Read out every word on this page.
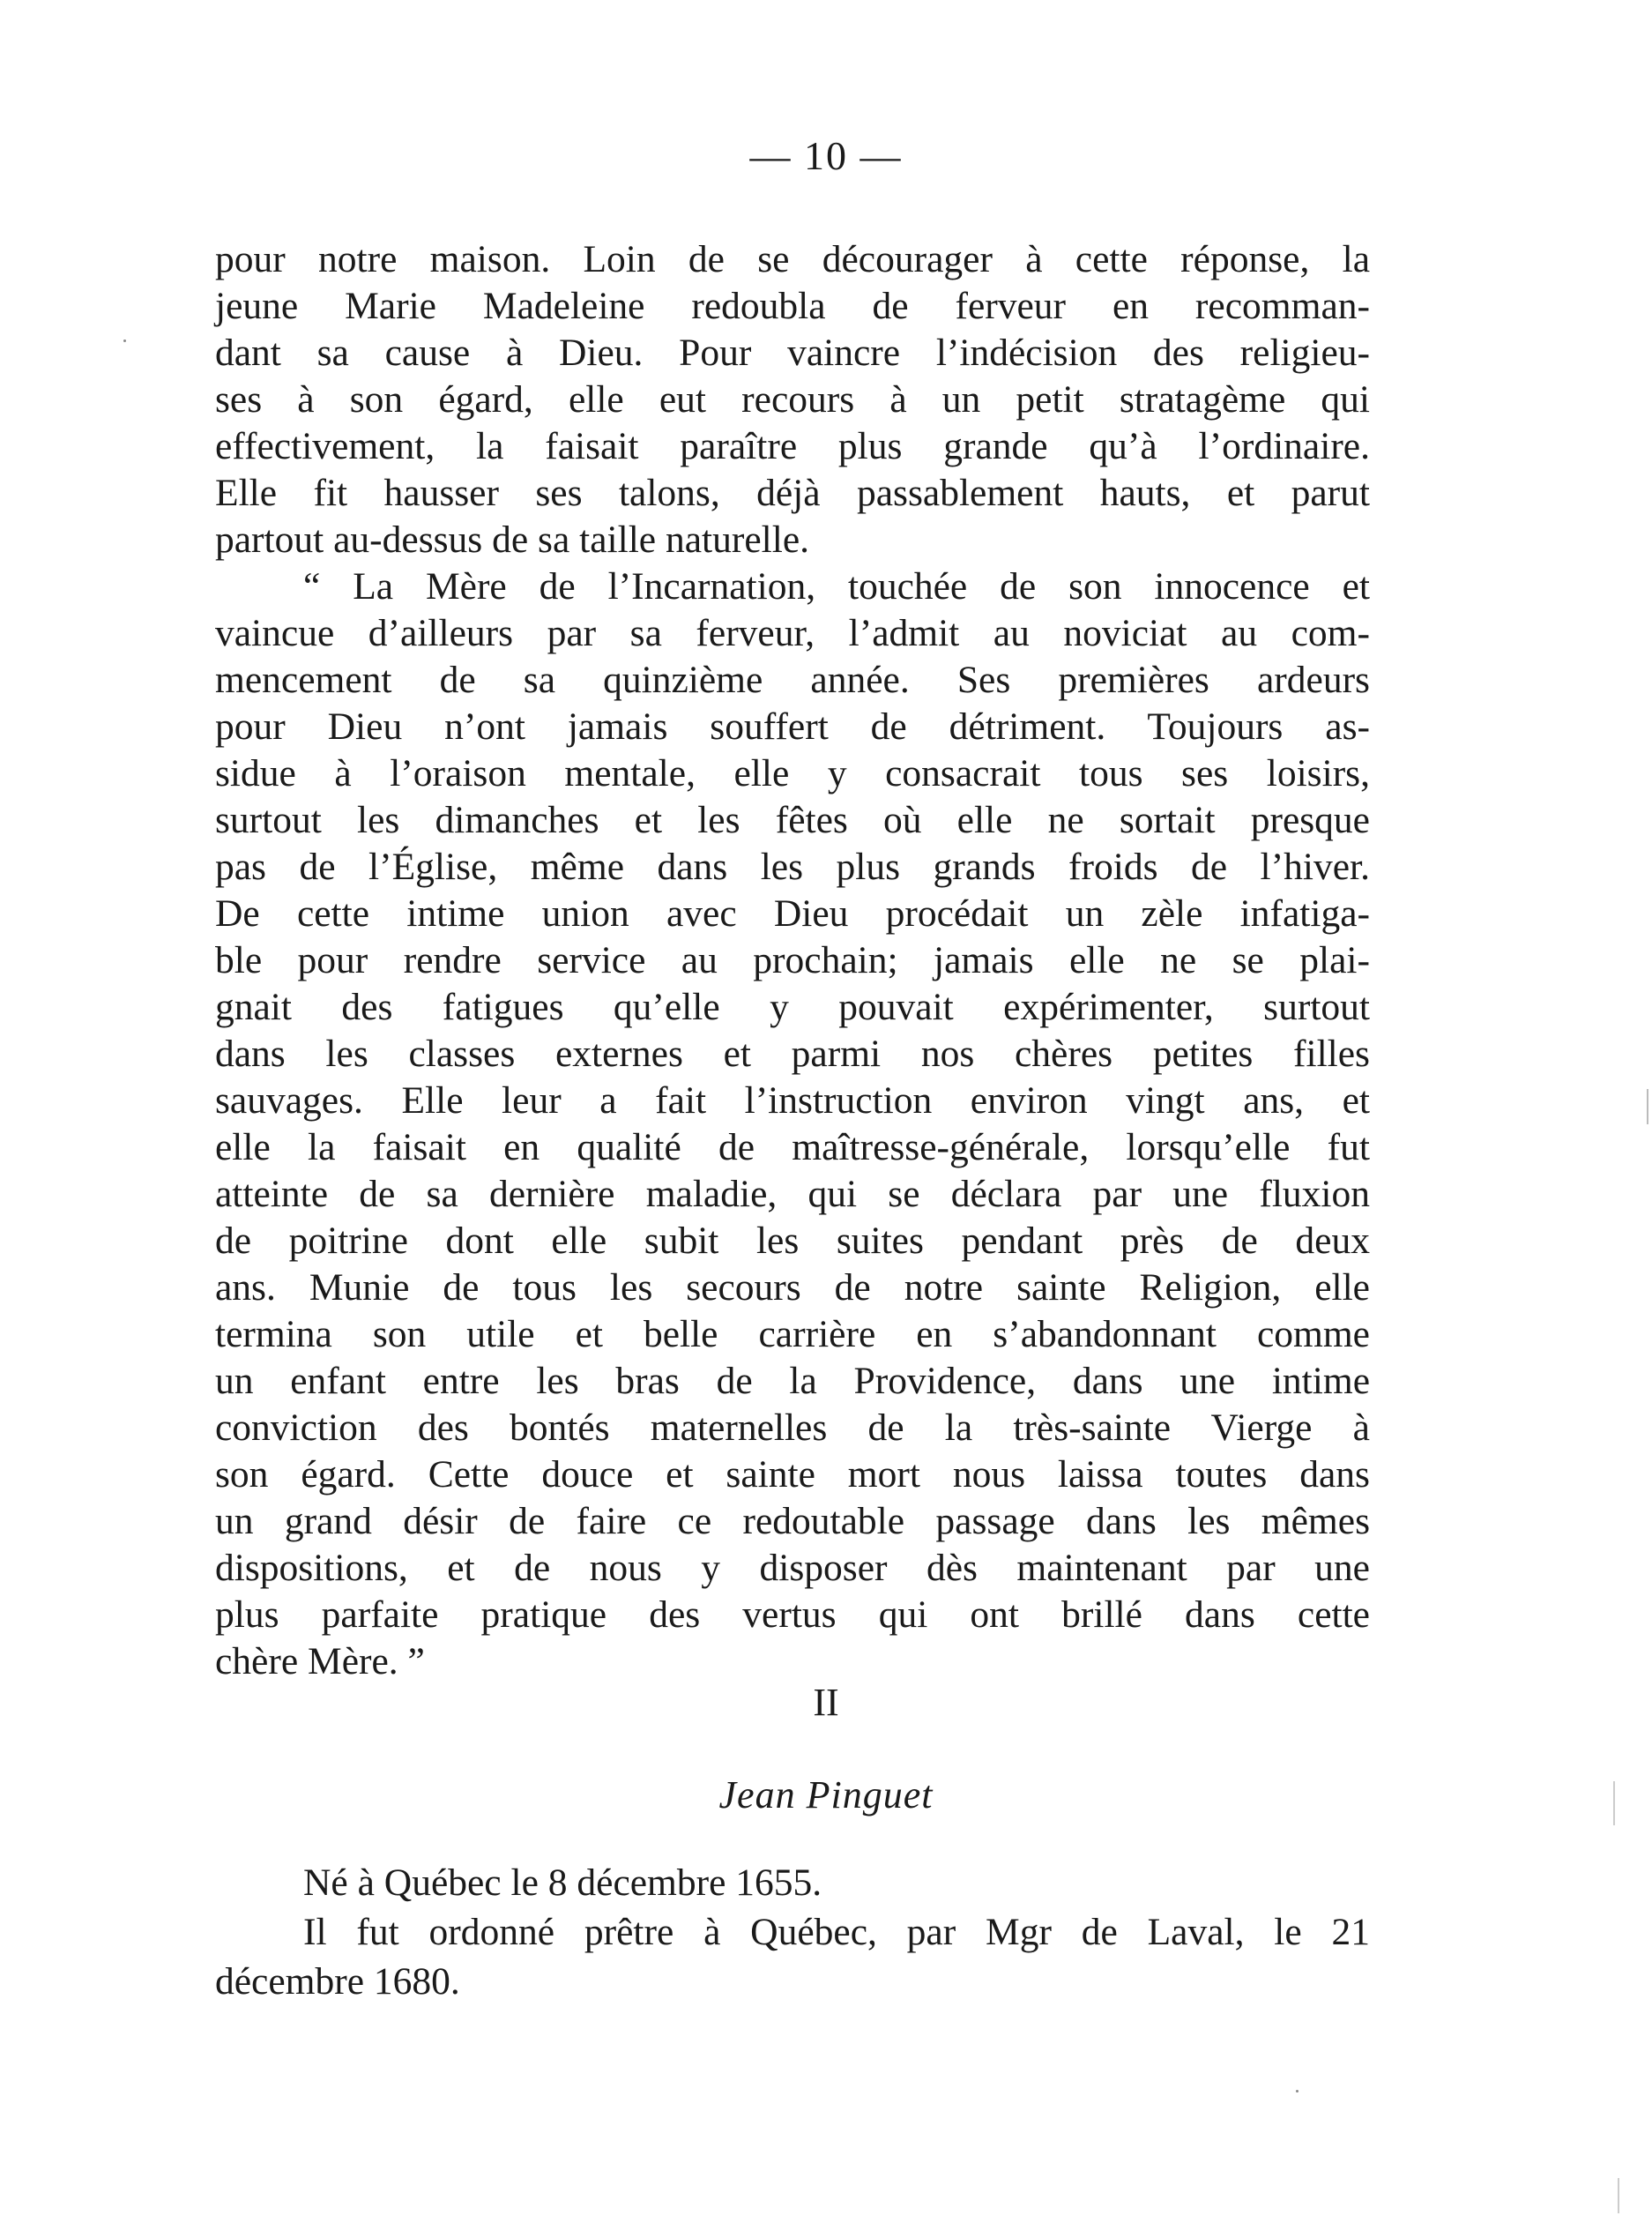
— 10 —
pour notre maison. Loin de se décourager à cette réponse, la
jeune Marie Madeleine redoubla de ferveur en recomman-
dant sa cause à Dieu. Pour vaincre l’indécision des religieu-
ses à son égard, elle eut recours à un petit stratagème qui
effectivement, la faisait paraître plus grande qu’à l’ordinaire.
Elle fit hausser ses talons, déjà passablement hauts, et parut
partout au-dessus de sa taille naturelle.
“ La Mère de l’Incarnation, touchée de son innocence et
vaincue d’ailleurs par sa ferveur, l’admit au noviciat au com-
mencement de sa quinzième année. Ses premières ardeurs
pour Dieu n’ont jamais souffert de détriment. Toujours as-
sidue à l’oraison mentale, elle y consacrait tous ses loisirs,
surtout les dimanches et les fêtes où elle ne sortait presque
pas de l’Église, même dans les plus grands froids de l’hiver.
De cette intime union avec Dieu procédait un zèle infatiga-
ble pour rendre service au prochain; jamais elle ne se plai-
gnait des fatigues qu’elle y pouvait expérimenter, surtout
dans les classes externes et parmi nos chères petites filles
sauvages. Elle leur a fait l’instruction environ vingt ans, et
elle la faisait en qualité de maîtresse-générale, lorsqu’elle fut
atteinte de sa dernière maladie, qui se déclara par une fluxion
de poitrine dont elle subit les suites pendant près de deux
ans. Munie de tous les secours de notre sainte Religion, elle
termina son utile et belle carrière en s’abandonnant comme
un enfant entre les bras de la Providence, dans une intime
conviction des bontés maternelles de la très-sainte Vierge à
son égard. Cette douce et sainte mort nous laissa toutes dans
un grand désir de faire ce redoutable passage dans les mêmes
dispositions, et de nous y disposer dès maintenant par une
plus parfaite pratique des vertus qui ont brillé dans cette
chère Mère. ”
II
Jean Pinguet
Né à Québec le 8 décembre 1655.
Il fut ordonné prêtre à Québec, par Mgr de Laval, le 21
décembre 1680.
